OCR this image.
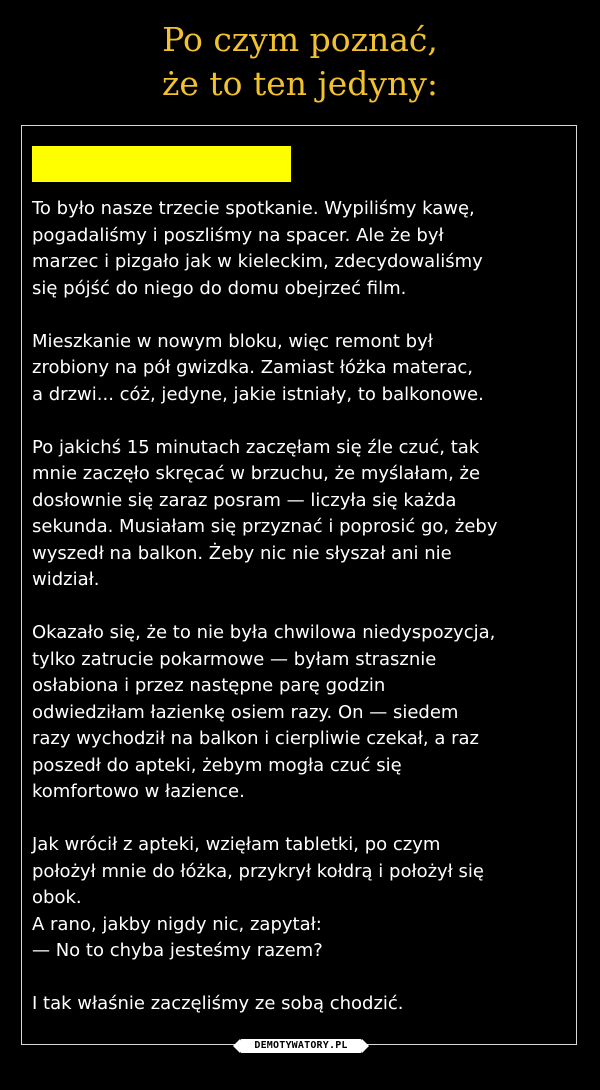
Po czym poznać,
że to ten jedyny:
To było nasze trzecie spotkanie. Wypiliśmy kawę,
pogadaliśmy i poszliśmy na spacer. Ale że był
marzec i pizgało jak w kieleckim, zdecydowaliśmy
się pójść do niego do domu obejrzeć film.
Mieszkanie w nowym bloku, więc remont był
zrobiony na pół gwizdka. Zamiast łóżka materac,
a drzwi... cóż, jedyne, jakie istniały, to balkonowe.
Po jakichś 15 minutach zaczęłam się źle czuć, tak
mnie zaczęło skręcać w brzuchu, że myślałam, że
dosłownie się zaraz posram — liczyła się każda
sekunda. Musiałam się przyznać i poprosić go, żeby
wyszedł na balkon. Żeby nic nie słyszał ani nie
widział.
Okazało się, że to nie była chwilowa niedyspozycja,
tylko zatrucie pokarmowe — byłam strasznie
osłabiona i przez następne parę godzin
odwiedziłam łazienkę osiem razy. On — siedem
razy wychodził na balkon i cierpliwie czekał, a raz
poszedł do apteki, żebym mogła czuć się
komfortowo w łazience.
Jak wrócił z apteki, wzięłam tabletki, po czym
położył mnie do łóżka, przykrył kołdrą i położył się
obok.
A rano, jakby nigdy nic, zapytał:
— No to chyba jesteśmy razem?
I tak właśnie zaczęliśmy ze sobą chodzić.
DEMOTYWATORY.PL
